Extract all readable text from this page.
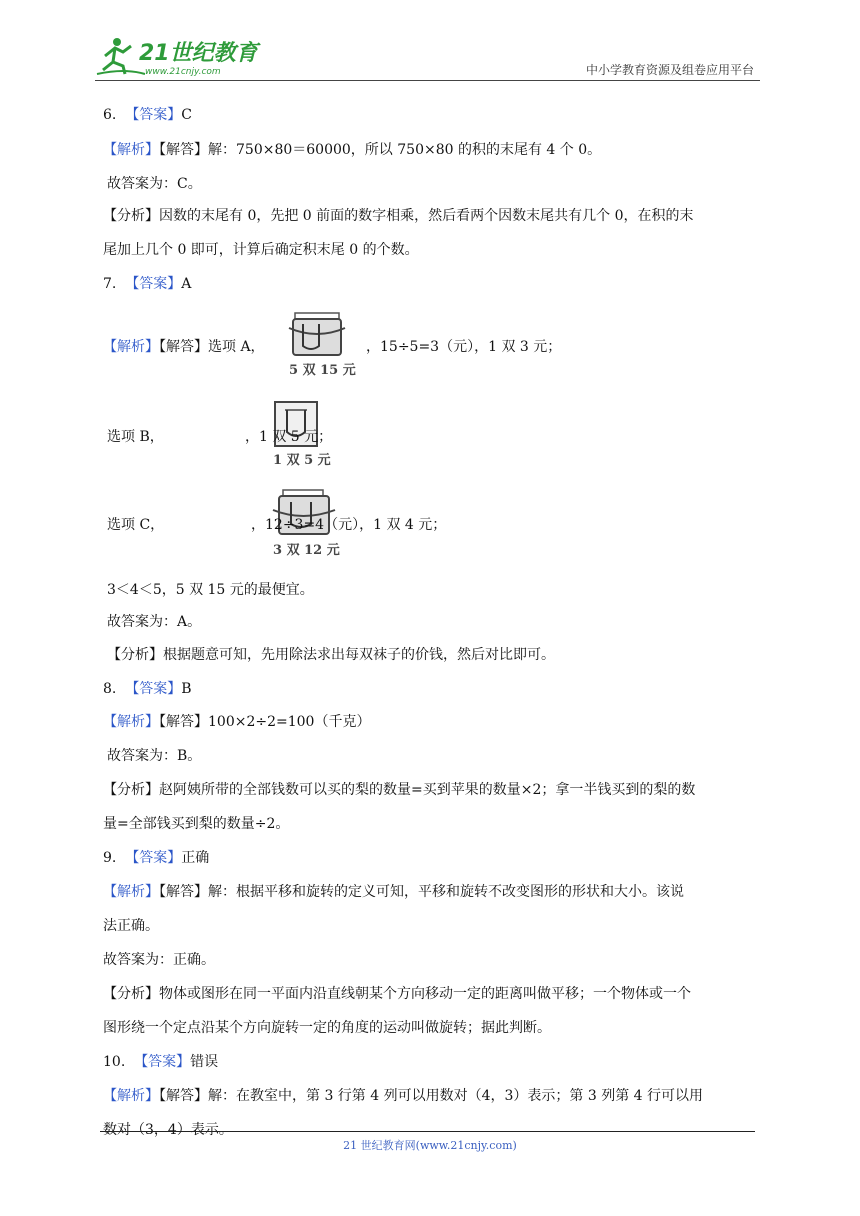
21世纪教育
www.21cnjy.com	中小学教育资源及组卷应用平台
6. 【答案】C
【解析】【解答】解：750×80＝60000，所以 750×80 的积的末尾有 4 个 0。
故答案为：C。
【分析】因数的末尾有 0，先把 0 前面的数字相乘，然后看两个因数末尾共有几个 0，在积的末
尾加上几个 0 即可，计算后确定积末尾 0 的个数。
7. 【答案】A
【解析】【解答】选项 A，
5 双 15 元
，15÷5=3（元），1 双 3 元；
选项 B，
1 双 5 元
，1 双 5 元；
选项 C，
3 双 12 元
，12÷3=4（元），1 双 4 元；
3＜4＜5，5 双 15 元的最便宜。
故答案为：A。
【分析】根据题意可知，先用除法求出每双袜子的价钱，然后对比即可。
8. 【答案】B
【解析】【解答】100×2÷2=100（千克）
故答案为：B。
【分析】赵阿姨所带的全部钱数可以买的梨的数量=买到苹果的数量×2；拿一半钱买到的梨的数
量=全部钱买到梨的数量÷2。
9. 【答案】正确
【解析】【解答】解：根据平移和旋转的定义可知，平移和旋转不改变图形的形状和大小。该说
法正确。
故答案为：正确。
【分析】物体或图形在同一平面内沿直线朝某个方向移动一定的距离叫做平移；一个物体或一个
图形绕一个定点沿某个方向旋转一定的角度的运动叫做旋转；据此判断。
10. 【答案】错误
【解析】【解答】解：在教室中，第 3 行第 4 列可以用数对（4，3）表示；第 3 列第 4 行可以用
数对（3，4）表示。
21 世纪教育网(www.21cnjy.com)
